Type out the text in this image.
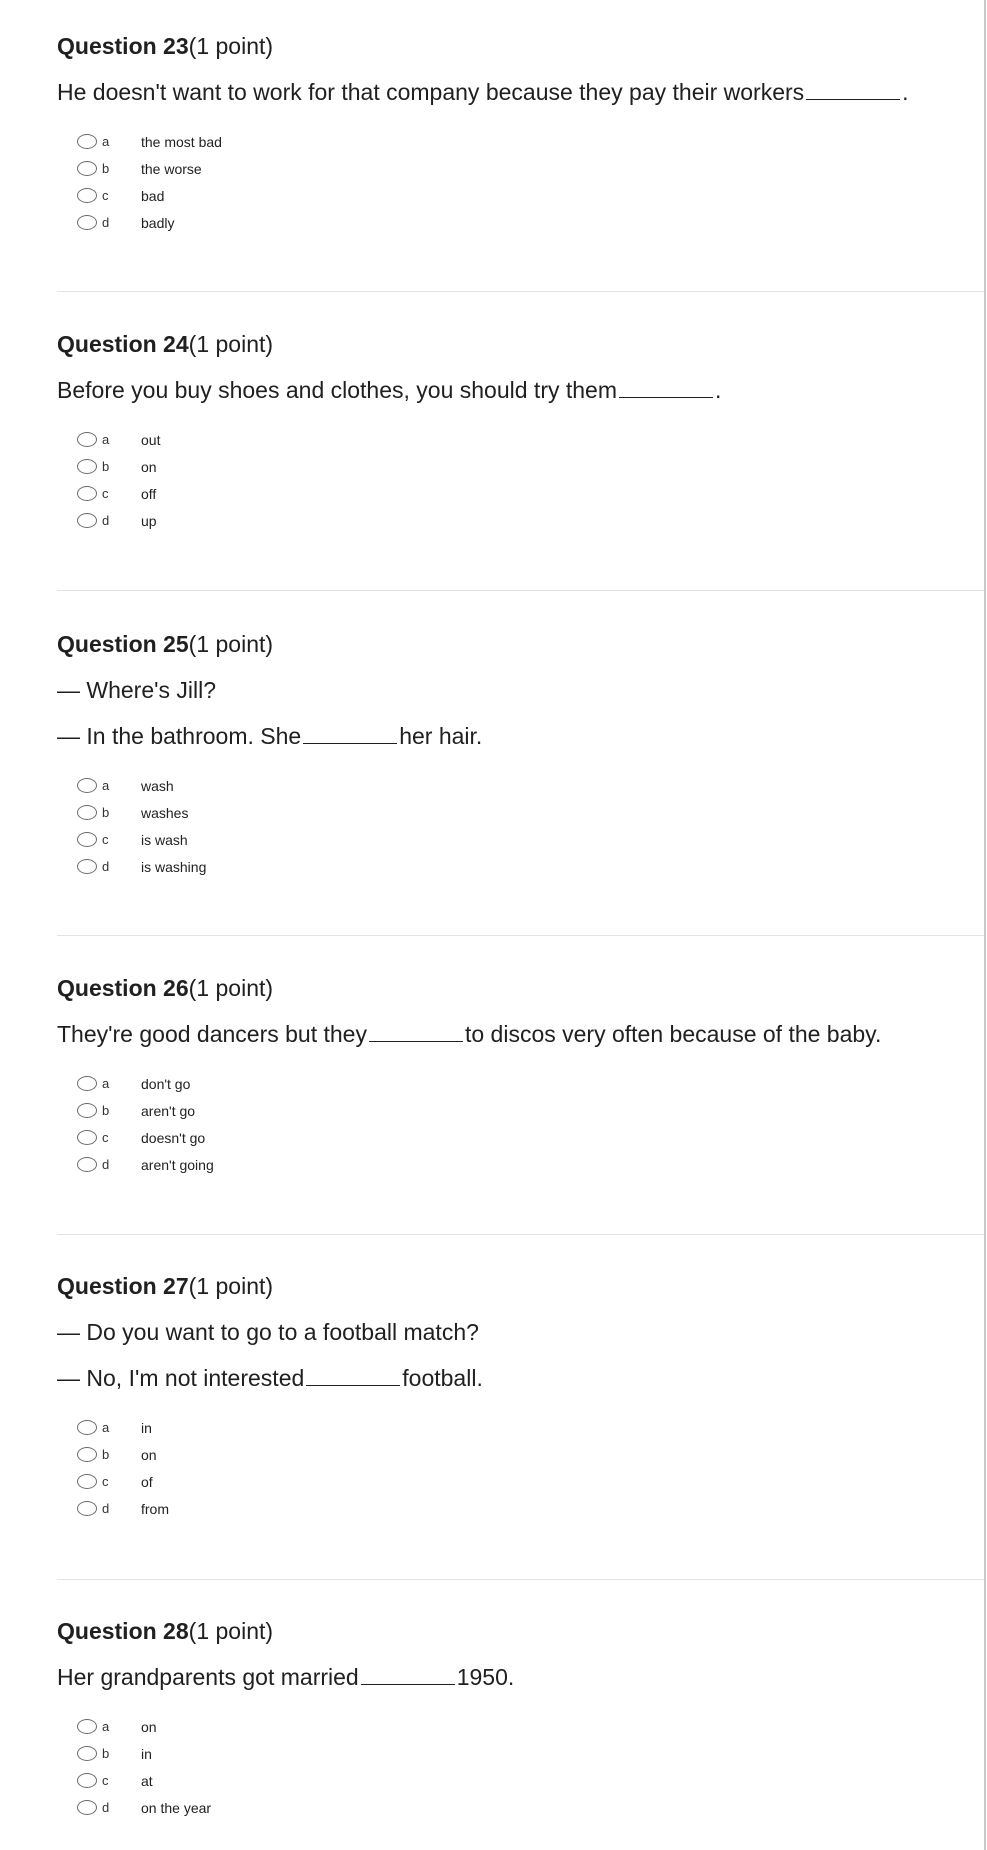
Question 23(1 point)
He doesn't want to work for that company because they pay their workers	.
a the most bad
b the worse
c bad
d badly
Question 24(1 point)
Before you buy shoes and clothes, you should try them	.
a out
b on
c off
d up
Question 25(1 point)
— Where's Jill?
— In the bathroom. She	her hair.
a wash
b washes
c is wash
d is washing
Question 26(1 point)
They're good dancers but they	to discos very often because of the baby.
a don't go
b aren't go
c doesn't go
d aren't going
Question 27(1 point)
— Do you want to go to a football match?
— No, I'm not interested	football.
a in
b on
c of
d from
Question 28(1 point)
Her grandparents got married	1950.
a on
b in
c at
d on the year
